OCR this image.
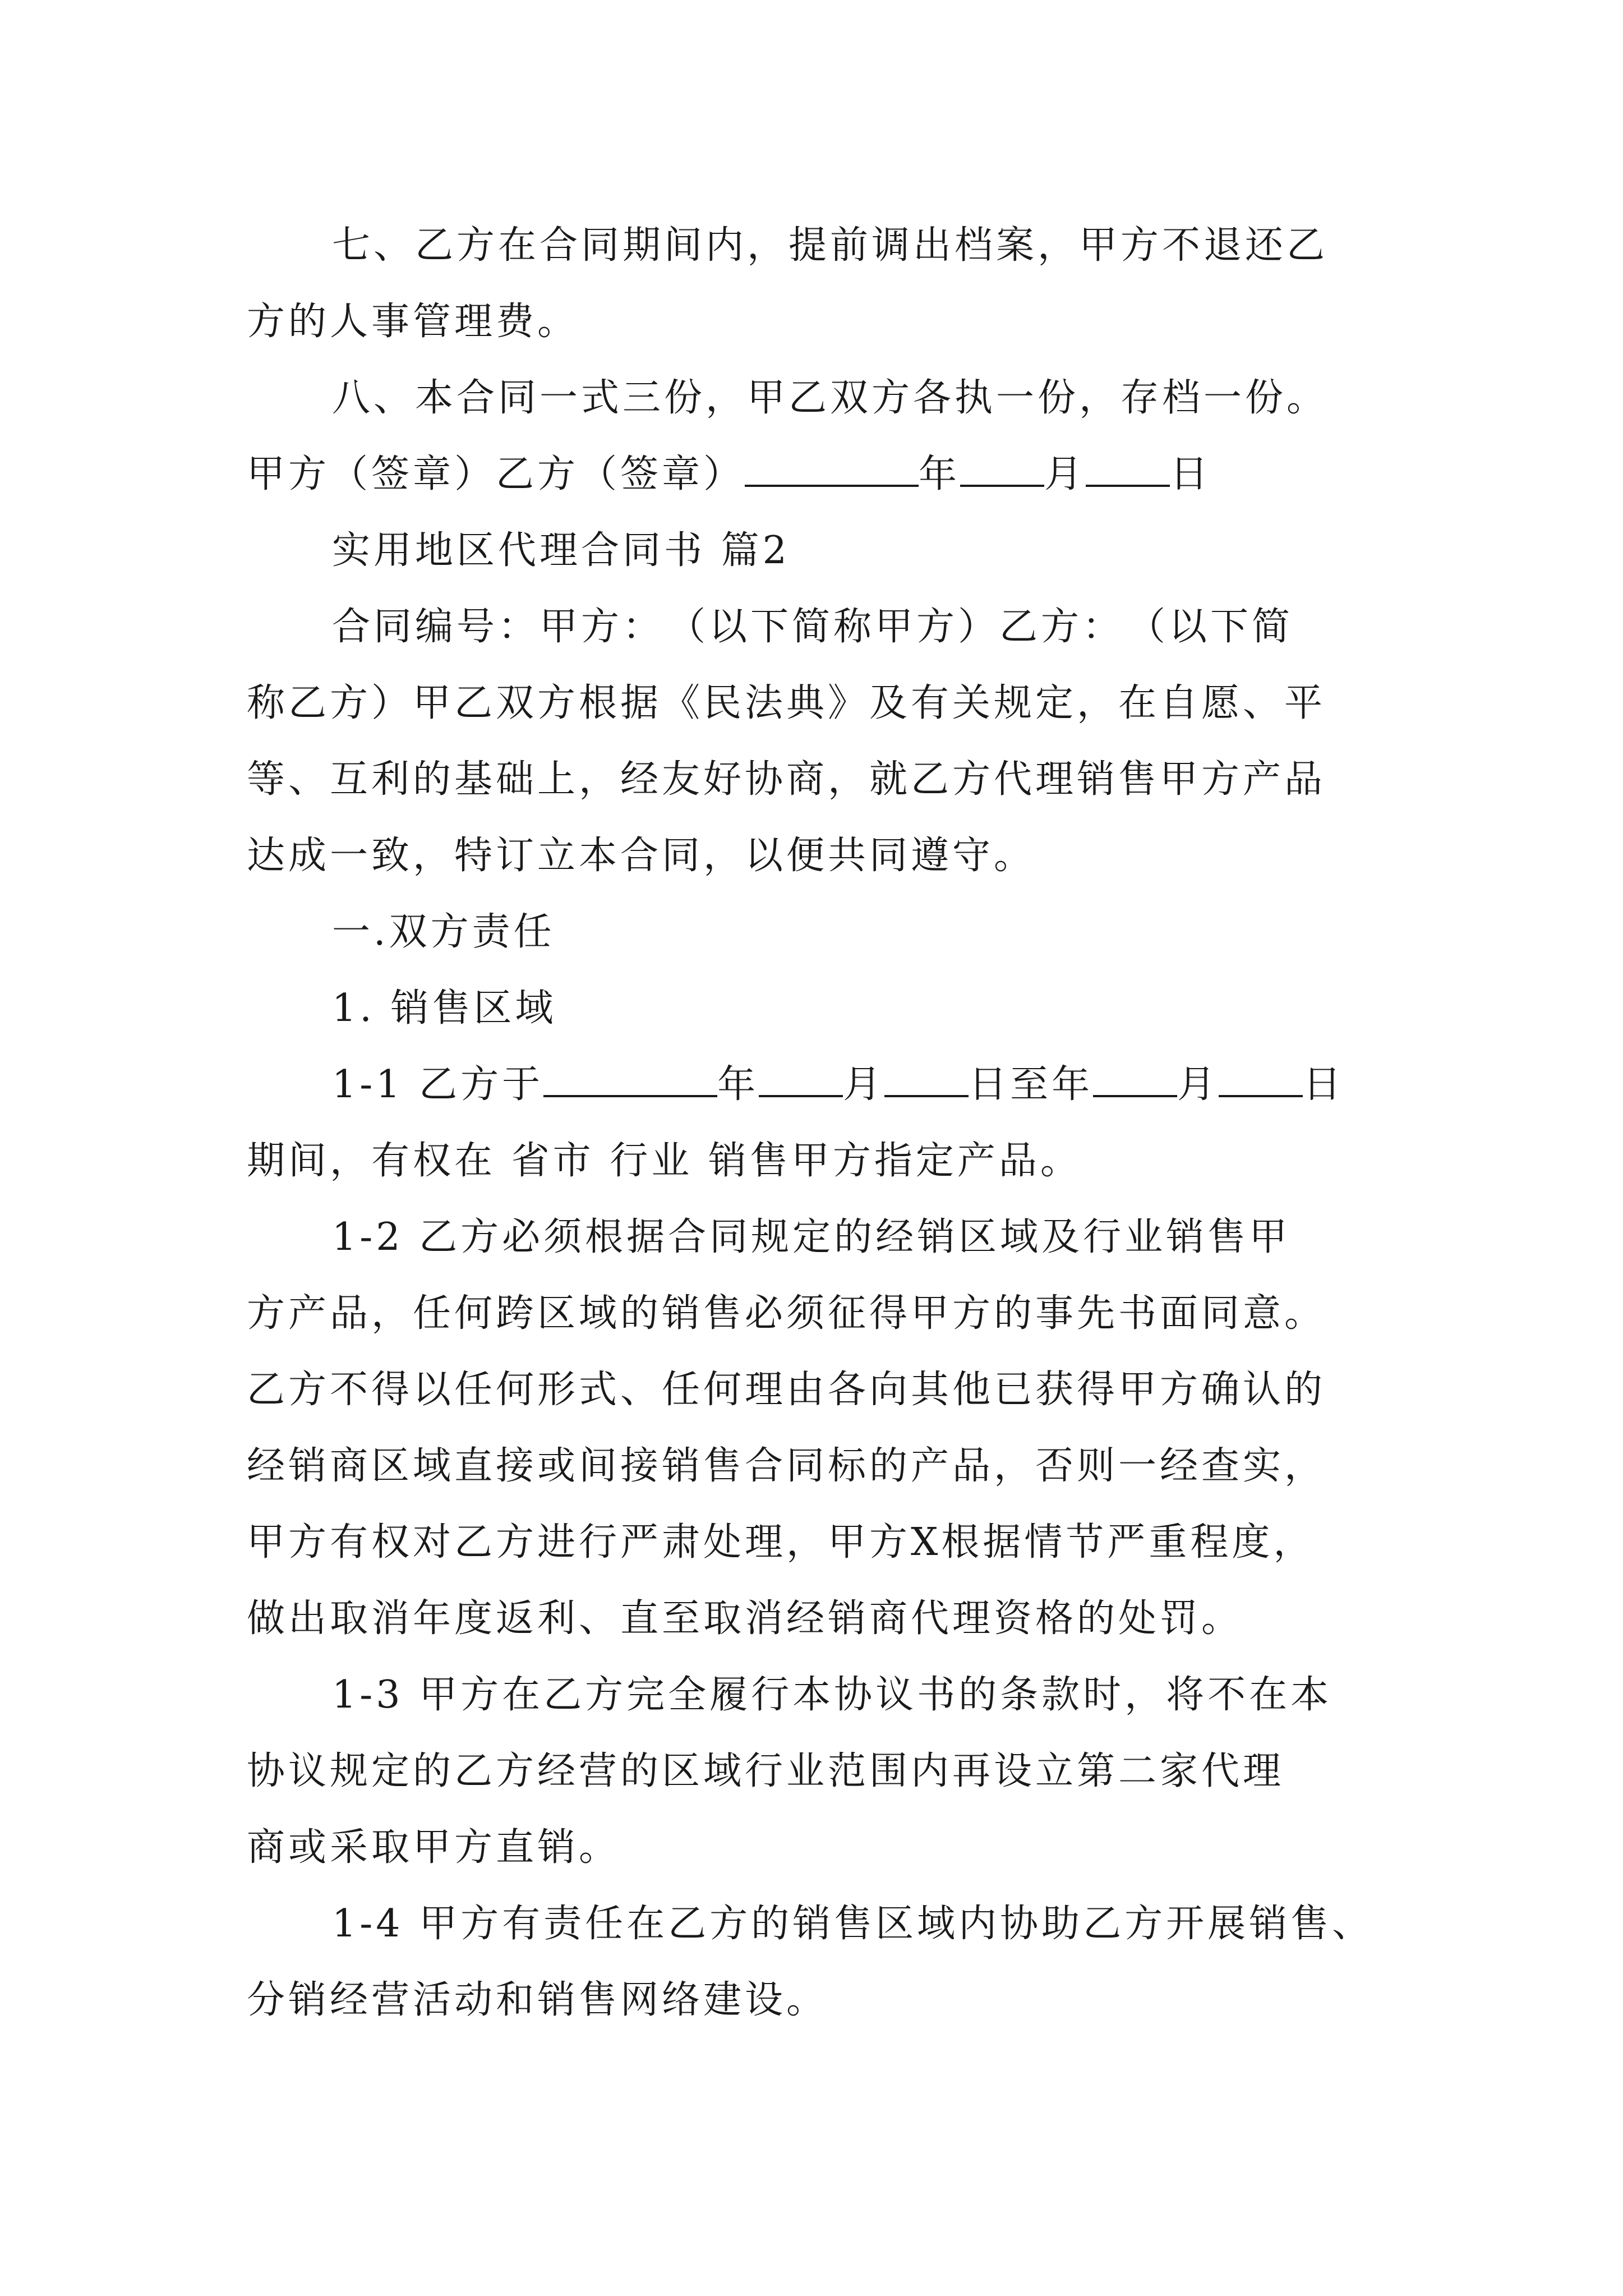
七、乙方在合同期间内，提前调出档案，甲方不退还乙
方的人事管理费。
八、本合同一式三份，甲乙双方各执一份，存档一份。
甲方（签章）乙方（签章）	年 月 日
实用地区代理合同书 篇2
合同编号：甲方：　（以下简称甲方）乙方：　（以下简
称乙方）甲乙双方根据《民法典》及有关规定，在自愿、平
等、互利的基础上，经友好协商，就乙方代理销售甲方产品
达成一致，特订立本合同，以便共同遵守。
一.双方责任
1. 销售区域
1-1 乙方于	年 月 日至年 月 日
期间，有权在 省市 行业 销售甲方指定产品。
1-2 乙方必须根据合同规定的经销区域及行业销售甲
方产品，任何跨区域的销售必须征得甲方的事先书面同意。
乙方不得以任何形式、任何理由各向其他已获得甲方确认的
经销商区域直接或间接销售合同标的产品，否则一经查实，
甲方有权对乙方进行严肃处理，甲方X根据情节严重程度，
做出取消年度返利、直至取消经销商代理资格的处罚。
1-3 甲方在乙方完全履行本协议书的条款时，将不在本
协议规定的乙方经营的区域行业范围内再设立第二家代理
商或采取甲方直销。
1-4 甲方有责任在乙方的销售区域内协助乙方开展销售、
分销经营活动和销售网络建设。
